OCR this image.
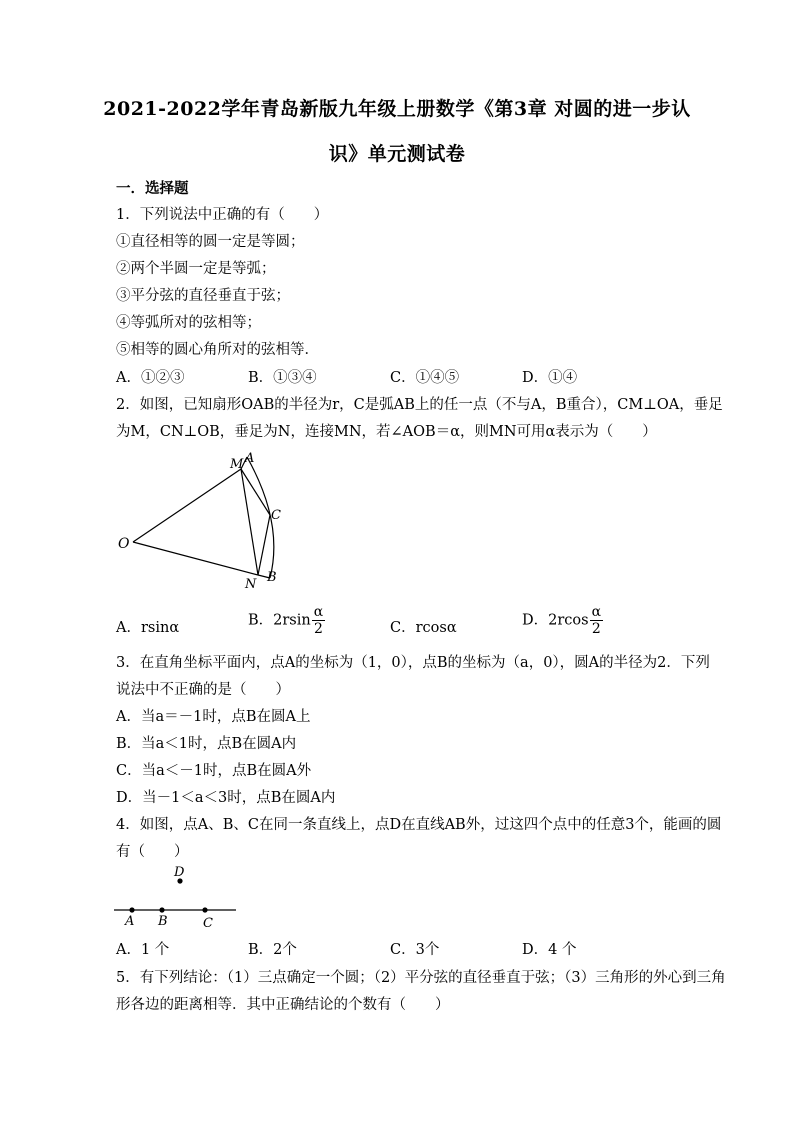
2021-2022学年青岛新版九年级上册数学《第3章 对圆的进一步认
识》单元测试卷
一．选择题
1．下列说法中正确的有（　　）
①直径相等的圆一定是等圆；
②两个半圆一定是等弧；
③平分弦的直径垂直于弦；
④等弧所对的弦相等；
⑤相等的圆心角所对的弦相等．
A．①②③	B．①③④	C．①④⑤	D．①④
2．如图，已知扇形OAB的半径为r，C是弧AB上的任一点（不与A，B重合），CM⊥OA，垂足
为M，CN⊥OB，垂足为N，连接MN，若∠AOB＝α，则MN可用α表示为（　　）
O
M A
C
N B
A．rsinα	B．$2rsin \frac{\alpha}{2}$	C．rcosα	D．$2rcos \frac{\alpha}{2}$
3．在直角坐标平面内，点A的坐标为（1，0），点B的坐标为（a，0），圆A的半径为2．下列
说法中不正确的是（　　）
A．当a＝－1时，点B在圆A上
B．当a＜1时，点B在圆A内
C．当a＜－1时，点B在圆A外
D．当－1＜a＜3时，点B在圆A内
4．如图，点A、B、C在同一条直线上，点D在直线AB外，过这四个点中的任意3个，能画的圆
有（　　）
D
A B	C
A．1 个	B．2个	C．3个	D．4 个
5．有下列结论：（1）三点确定一个圆；（2）平分弦的直径垂直于弦；（3）三角形的外心到三角
形各边的距离相等．其中正确结论的个数有（　　）
